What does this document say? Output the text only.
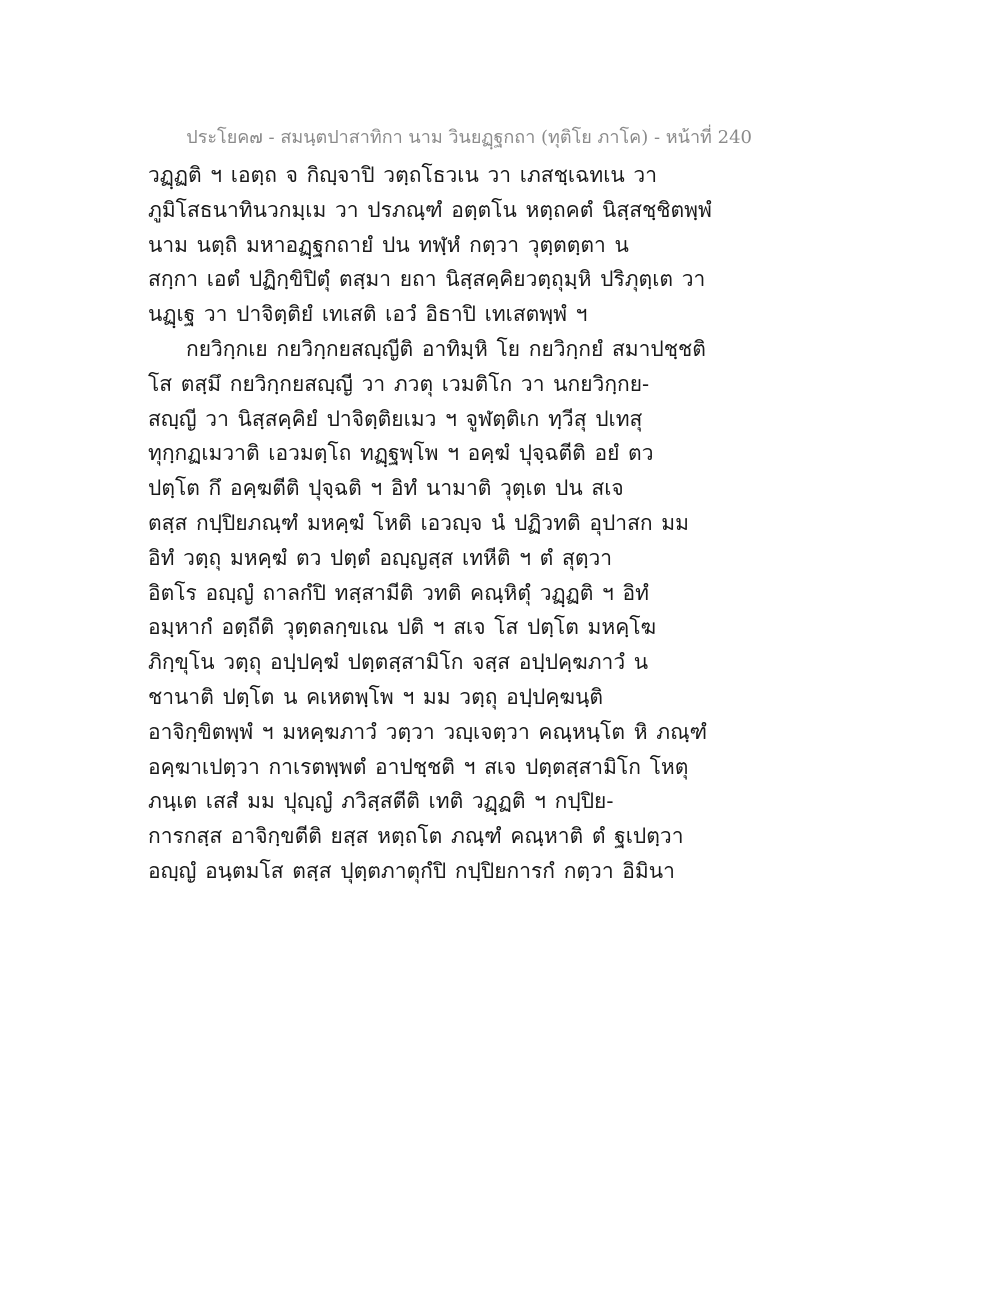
ประโยค๗ - สมนฺตปาสาทิกา นาม วินยฏฺฐกถา (ทุติโย ภาโค) - หน้าที่ 240
วฏฺฏติ ฯ เอตฺถ จ กิญฺจาปิ วตฺถโธวเน วา เภสชฺเฉทเน วา
ภูมิโสธนาทินวกมฺเม วา ปรภณฺฑํ อตฺตโน หตฺถคตํ นิสฺสชฺชิตพฺพํ
นาม นตฺถิ มหาอฏฺฐกถายํ ปน ทฬฺหํ กตฺวา วุตฺตตฺตา น
สกฺกา เอตํ ปฏิกฺขิปิตุํ ตสฺมา ยถา นิสฺสคฺคิยวตฺถุมฺหิ ปริภุตฺเต วา
นฏฺเฐ วา ปาจิตฺติยํ เทเสติ เอวํ อิธาปิ เทเสตพฺพํ ฯ
กยวิกฺกเย กยวิกฺกยสญฺญีติ อาทิมฺหิ โย กยวิกฺกยํ สมาปชฺชติ
โส ตสฺมึ กยวิกฺกยสญฺญี วา ภวตุ เวมติโก วา นกยวิกฺกย-
สญฺญี วา นิสฺสคฺคิยํ ปาจิตฺติยเมว ฯ จูฬตฺติเก ทฺวีสุ ปเทสุ
ทุกฺกฏเมวาติ เอวมตฺโถ ทฏฺฐพฺโพ ฯ อคฺฆํ ปุจฺฉตีติ อยํ ตว
ปตฺโต กึ อคฺฆตีติ ปุจฺฉติ ฯ อิทํ นามาติ วุตฺเต ปน สเจ
ตสฺส กปฺปิยภณฺฑํ มหคฺฆํ โหติ เอวญฺจ นํ ปฏิวทติ อุปาสก มม
อิทํ วตฺถุ มหคฺฆํ ตว ปตฺตํ อญฺญสฺส เทหีติ ฯ ตํ สุตฺวา
อิตโร อญฺญํ ถาลกํปิ ทสฺสามีติ วทติ คณฺหิตุํ วฏฺฏติ ฯ อิทํ
อมฺหากํ อตฺถีติ วุตฺตลกฺขเณ ปติ ฯ สเจ โส ปตฺโต มหคฺโฆ
ภิกฺขุโน วตฺถุ อปฺปคฺฆํ ปตฺตสฺสามิโก จสฺส อปฺปคฺฆภาวํ น
ชานาติ ปตฺโต น คเหตพฺโพ ฯ มม วตฺถุ อปฺปคฺฆนฺติ
อาจิกฺขิตพฺพํ ฯ มหคฺฆภาวํ วตฺวา วญฺเจตฺวา คณฺหนฺโต หิ ภณฺฑํ
อคฺฆาเปตฺวา กาเรตพฺพตํ อาปชฺชติ ฯ สเจ ปตฺตสฺสามิโก โหตุ
ภนฺเต เสสํ มม ปุญฺญํ ภวิสฺสตีติ เทติ วฏฺฏติ ฯ กปฺปิย-
การกสฺส อาจิกฺขตีติ ยสฺส หตฺถโต ภณฺฑํ คณฺหาติ ตํ ฐเปตฺวา
อญฺญํ อนฺตมโส ตสฺส ปุตฺตภาตุกํปิ กปฺปิยการกํ กตฺวา อิมินา
